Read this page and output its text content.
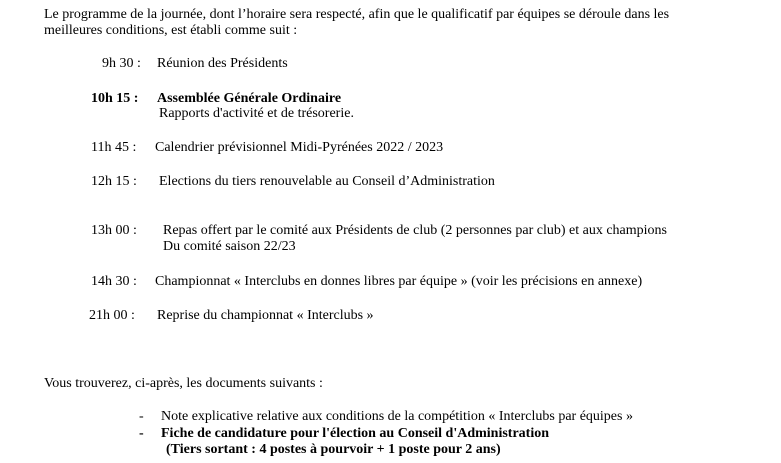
Le programme de la journée, dont l’horaire sera respecté, afin que le qualificatif par équipes se déroule dans les
meilleures conditions, est établi comme suit :
9h 30 : Réunion des Présidents
10h 15 : Assemblée Générale Ordinaire
Rapports d'activité et de trésorerie.
11h 45 : Calendrier prévisionnel Midi-Pyrénées 2022 / 2023
12h 15 : Elections du tiers renouvelable au Conseil d’Administration
13h 00 : Repas offert par le comité aux Présidents de club (2 personnes par club) et aux champions
Du comité saison 22/23
14h 30 : Championnat « Interclubs en donnes libres par équipe » (voir les précisions en annexe)
21h 00 : Reprise du championnat « Interclubs »
Vous trouverez, ci-après, les documents suivants :
- Note explicative relative aux conditions de la compétition « Interclubs par équipes »
- Fiche de candidature pour l'élection au Conseil d'Administration
(Tiers sortant : 4 postes à pourvoir + 1 poste pour 2 ans)
